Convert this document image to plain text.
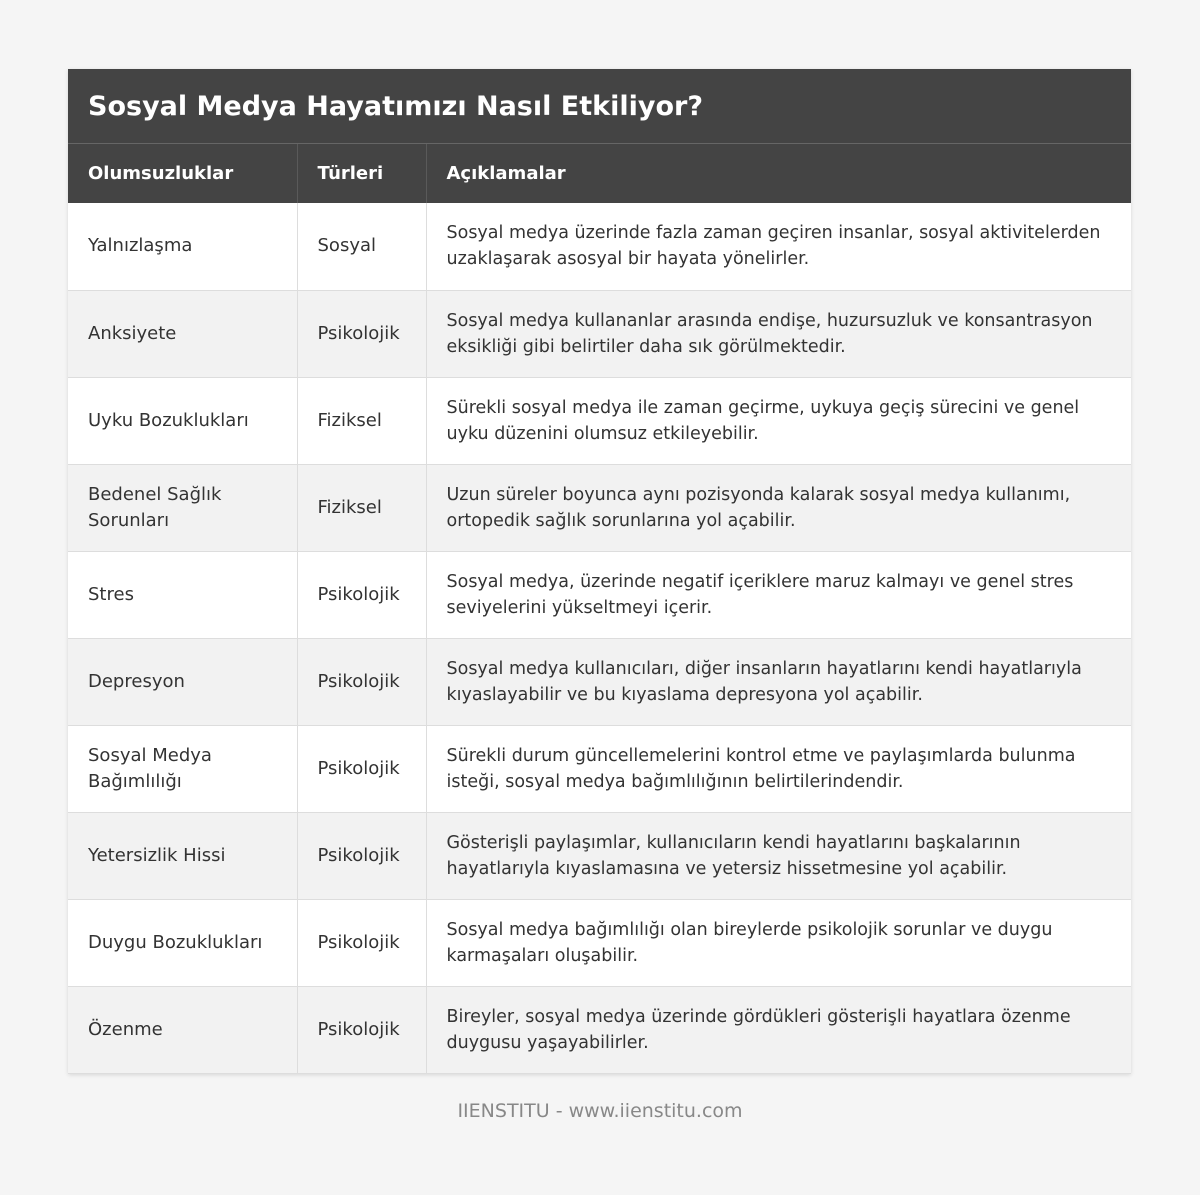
Sosyal Medya Hayatımızı Nasıl Etkiliyor?
Olumsuzluklar	Türleri	Açıklamalar
Yalnızlaşma	Sosyal	Sosyal medya üzerinde fazla zaman geçiren insanlar, sosyal aktivitelerden uzaklaşarak asosyal bir hayata yönelirler.
Anksiyete	Psikolojik	Sosyal medya kullananlar arasında endişe, huzursuzluk ve konsantrasyon eksikliği gibi belirtiler daha sık görülmektedir.
Uyku Bozuklukları	Fiziksel	Sürekli sosyal medya ile zaman geçirme, uykuya geçiş sürecini ve genel uyku düzenini olumsuz etkileyebilir.
Bedenel Sağlık Sorunları	Fiziksel	Uzun süreler boyunca aynı pozisyonda kalarak sosyal medya kullanımı, ortopedik sağlık sorunlarına yol açabilir.
Stres	Psikolojik	Sosyal medya, üzerinde negatif içeriklere maruz kalmayı ve genel stres seviyelerini yükseltmeyi içerir.
Depresyon	Psikolojik	Sosyal medya kullanıcıları, diğer insanların hayatlarını kendi hayatlarıyla kıyaslayabilir ve bu kıyaslama depresyona yol açabilir.
Sosyal Medya Bağımlılığı	Psikolojik	Sürekli durum güncellemelerini kontrol etme ve paylaşımlarda bulunma isteği, sosyal medya bağımlılığının belirtilerindendir.
Yetersizlik Hissi	Psikolojik	Gösterişli paylaşımlar, kullanıcıların kendi hayatlarını başkalarının hayatlarıyla kıyaslamasına ve yetersiz hissetmesine yol açabilir.
Duygu Bozuklukları	Psikolojik	Sosyal medya bağımlılığı olan bireylerde psikolojik sorunlar ve duygu karmaşaları oluşabilir.
Özenme	Psikolojik	Bireyler, sosyal medya üzerinde gördükleri gösterişli hayatlara özenme duygusu yaşayabilirler.
IIENSTITU - www.iienstitu.com
